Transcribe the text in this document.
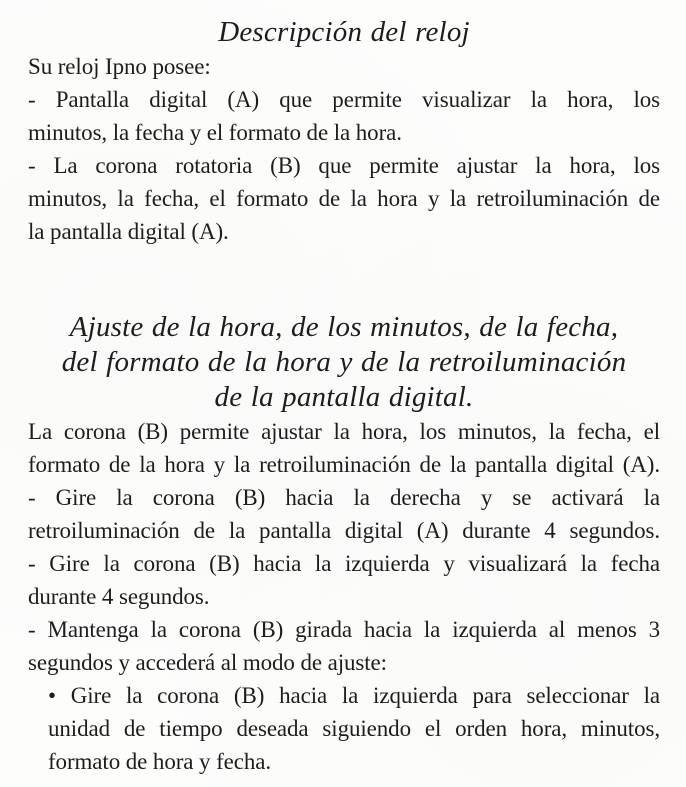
Descripción del reloj
Su reloj Ipno posee:
- Pantalla digital (A) que permite visualizar la hora, los
minutos, la fecha y el formato de la hora.
- La corona rotatoria (B) que permite ajustar la hora, los
minutos, la fecha, el formato de la hora y la retroiluminación de
la pantalla digital (A).
Ajuste de la hora, de los minutos, de la fecha,
del formato de la hora y de la retroiluminación
de la pantalla digital.
La corona (B) permite ajustar la hora, los minutos, la fecha, el
formato de la hora y la retroiluminación de la pantalla digital (A).
- Gire la corona (B) hacia la derecha y se activará la
retroiluminación de la pantalla digital (A) durante 4 segundos.
- Gire la corona (B) hacia la izquierda y visualizará la fecha
durante 4 segundos.
- Mantenga la corona (B) girada hacia la izquierda al menos 3
segundos y accederá al modo de ajuste:
• Gire la corona (B) hacia la izquierda para seleccionar la
unidad de tiempo deseada siguiendo el orden hora, minutos,
formato de hora y fecha.
